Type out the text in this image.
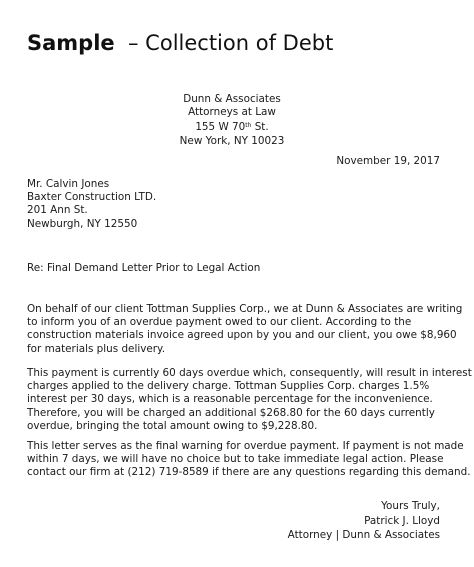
Sample  – Collection of Debt
Dunn & Associates
Attorneys at Law
155 W 70th St.
New York, NY 10023
November 19, 2017
Mr. Calvin Jones
Baxter Construction LTD.
201 Ann St.
Newburgh, NY 12550
Re: Final Demand Letter Prior to Legal Action
On behalf of our client Tottman Supplies Corp., we at Dunn & Associates are writing
to inform you of an overdue payment owed to our client. According to the
construction materials invoice agreed upon by you and our client, you owe $8,960
for materials plus delivery.
This payment is currently 60 days overdue which, consequently, will result in interest
charges applied to the delivery charge. Tottman Supplies Corp. charges 1.5%
interest per 30 days, which is a reasonable percentage for the inconvenience.
Therefore, you will be charged an additional $268.80 for the 60 days currently
overdue, bringing the total amount owing to $9,228.80.
This letter serves as the final warning for overdue payment. If payment is not made
within 7 days, we will have no choice but to take immediate legal action. Please
contact our firm at (212) 719-8589 if there are any questions regarding this demand.
Yours Truly,
Patrick J. Lloyd
Attorney | Dunn & Associates
